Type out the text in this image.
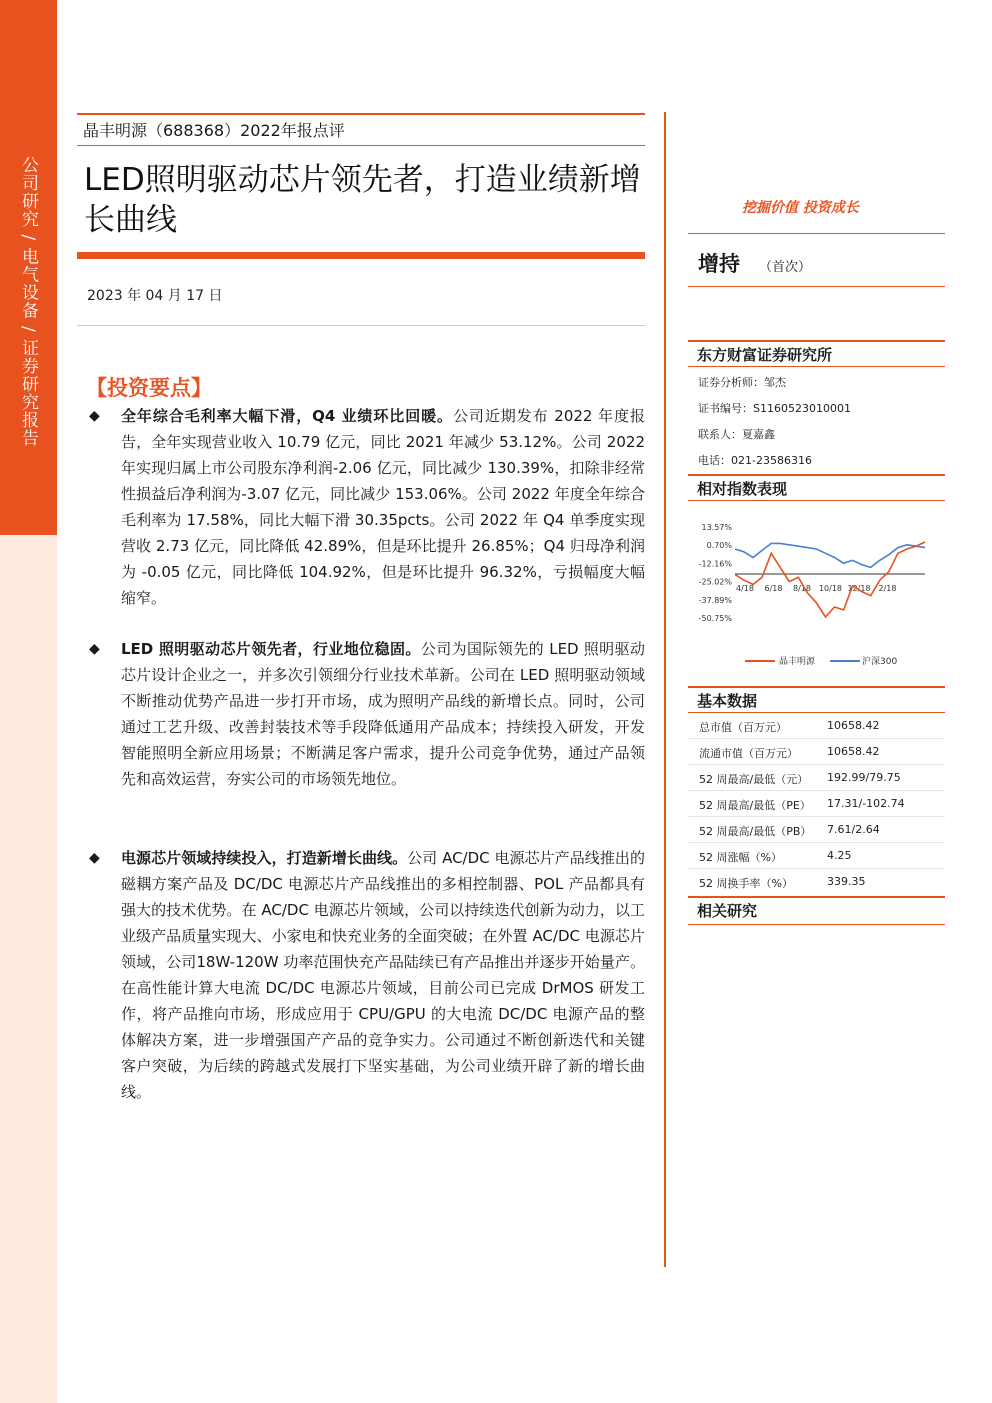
公司研究 / 电气设备 / 证券研究报告
晶丰明源（688368）2022年报点评
LED照明驱动芯片领先者，打造业绩新增长曲线
2023 年 04 月 17 日
【投资要点】
◆ 全年综合毛利率大幅下滑，Q4 业绩环比回暖。公司近期发布 2022 年度报告，全年实现营业收入 10.79 亿元，同比 2021 年减少 53.12%。公司 2022 年实现归属上市公司股东净利润-2.06 亿元，同比减少 130.39%，扣除非经常性损益后净利润为-3.07 亿元，同比减少 153.06%。公司 2022 年度全年综合毛利率为 17.58%，同比大幅下滑 30.35pcts。公司 2022 年 Q4 单季度实现营收 2.73 亿元，同比降低 42.89%，但是环比提升 26.85%；Q4 归母净利润为 -0.05 亿元，同比降低 104.92%，但是环比提升 96.32%，亏损幅度大幅缩窄。
◆ LED 照明驱动芯片领先者，行业地位稳固。公司为国际领先的 LED 照明驱动芯片设计企业之一，并多次引领细分行业技术革新。公司在 LED 照明驱动领域不断推动优势产品进一步打开市场，成为照明产品线的新增长点。同时，公司通过工艺升级、改善封装技术等手段降低通用产品成本；持续投入研发，开发智能照明全新应用场景；不断满足客户需求，提升公司竞争优势，通过产品领先和高效运营，夯实公司的市场领先地位。
◆ 电源芯片领域持续投入，打造新增长曲线。公司 AC/DC 电源芯片产品线推出的磁耦方案产品及 DC/DC 电源芯片产品线推出的多相控制器、POL 产品都具有强大的技术优势。在 AC/DC 电源芯片领域，公司以持续迭代创新为动力，以工业级产品质量实现大、小家电和快充业务的全面突破；在外置 AC/DC 电源芯片领域，公司18W-120W 功率范围快充产品陆续已有产品推出并逐步开始量产。在高性能计算大电流 DC/DC 电源芯片领域，目前公司已完成 DrMOS 研发工作，将产品推向市场，形成应用于 CPU/GPU 的大电流 DC/DC 电源产品的整体解决方案，进一步增强国产产品的竞争实力。公司通过不断创新迭代和关键客户突破，为后续的跨越式发展打下坚实基础，为公司业绩开辟了新的增长曲线。
挖掘价值 投资成长
增持 （首次）
东方财富证券研究所
证券分析师：邹杰
证书编号：S1160523010001
联系人：夏嘉鑫
电话：021-23586316
相对指数表现
13.57%
0.70%
-12.16%
-25.02%
-37.89%
-50.75%
4/18 6/18 8/18 10/18 12/18 2/18
晶丰明源	沪深300
基本数据
总市值（百万元）	10658.42
流通市值（百万元）	10658.42
52 周最高/最低（元） 192.99/79.75
52 周最高/最低（PE） 17.31/-102.74
52 周最高/最低（PB） 7.61/2.64
52 周涨幅（%）	4.25
52 周换手率（%）	339.35
相关研究
